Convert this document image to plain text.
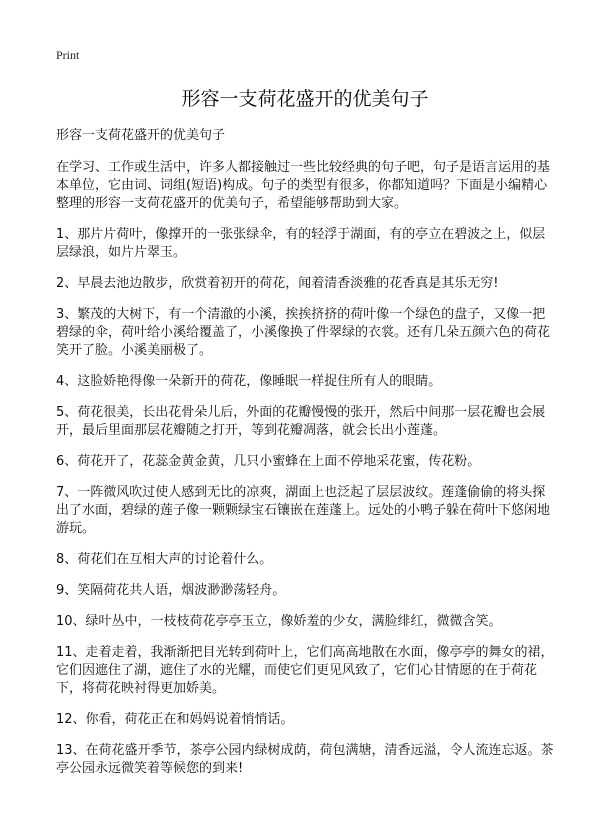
Print
形容一支荷花盛开的优美句子

形容一支荷花盛开的优美句子

在学习、工作或生活中，许多人都接触过一些比较经典的句子吧，句子是语言运用的基本单位，它由词、词组(短语)构成。句子的类型有很多，你都知道吗？下面是小编精心整理的形容一支荷花盛开的优美句子，希望能够帮助到大家。

1、那片片荷叶，像撑开的一张张绿伞，有的轻浮于湖面，有的亭立在碧波之上，似层层绿浪，如片片翠玉。

2、早晨去池边散步，欣赏着初开的荷花，闻着清香淡雅的花香真是其乐无穷!

3、繁茂的大树下，有一个清澈的小溪，挨挨挤挤的荷叶像一个绿色的盘子，又像一把碧绿的伞，荷叶给小溪给覆盖了，小溪像换了件翠绿的衣裳。还有几朵五颜六色的荷花笑开了脸。小溪美丽极了。

4、这脸娇艳得像一朵新开的荷花，像睡眠一样捉住所有人的眼睛。

5、荷花很美，长出花骨朵儿后，外面的花瓣慢慢的张开，然后中间那一层花瓣也会展开，最后里面那层花瓣随之打开，等到花瓣凋落，就会长出小莲蓬。

6、荷花开了，花蕊金黄金黄，几只小蜜蜂在上面不停地采花蜜，传花粉。

7、一阵微风吹过使人感到无比的凉爽，湖面上也泛起了层层波纹。莲蓬偷偷的将头探出了水面，碧绿的莲子像一颗颗绿宝石镶嵌在莲蓬上。远处的小鸭子躲在荷叶下悠闲地游玩。

8、荷花们在互相大声的讨论着什么。

9、笑隔荷花共人语，烟波渺渺荡轻舟。

10、绿叶丛中，一枝枝荷花亭亭玉立，像娇羞的少女，满脸绯红，微微含笑。

11、走着走着，我渐渐把目光转到荷叶上，它们高高地散在水面，像亭亭的舞女的裙，它们因遮住了湖，遮住了水的光耀，而使它们更见风致了，它们心甘情愿的在于荷花下，将荷花映衬得更加娇美。

12、你看，荷花正在和妈妈说着悄悄话。

13、在荷花盛开季节，茶亭公园内绿树成荫，荷包满塘，清香远溢，令人流连忘返。茶亭公园永远微笑着等候您的到来!
